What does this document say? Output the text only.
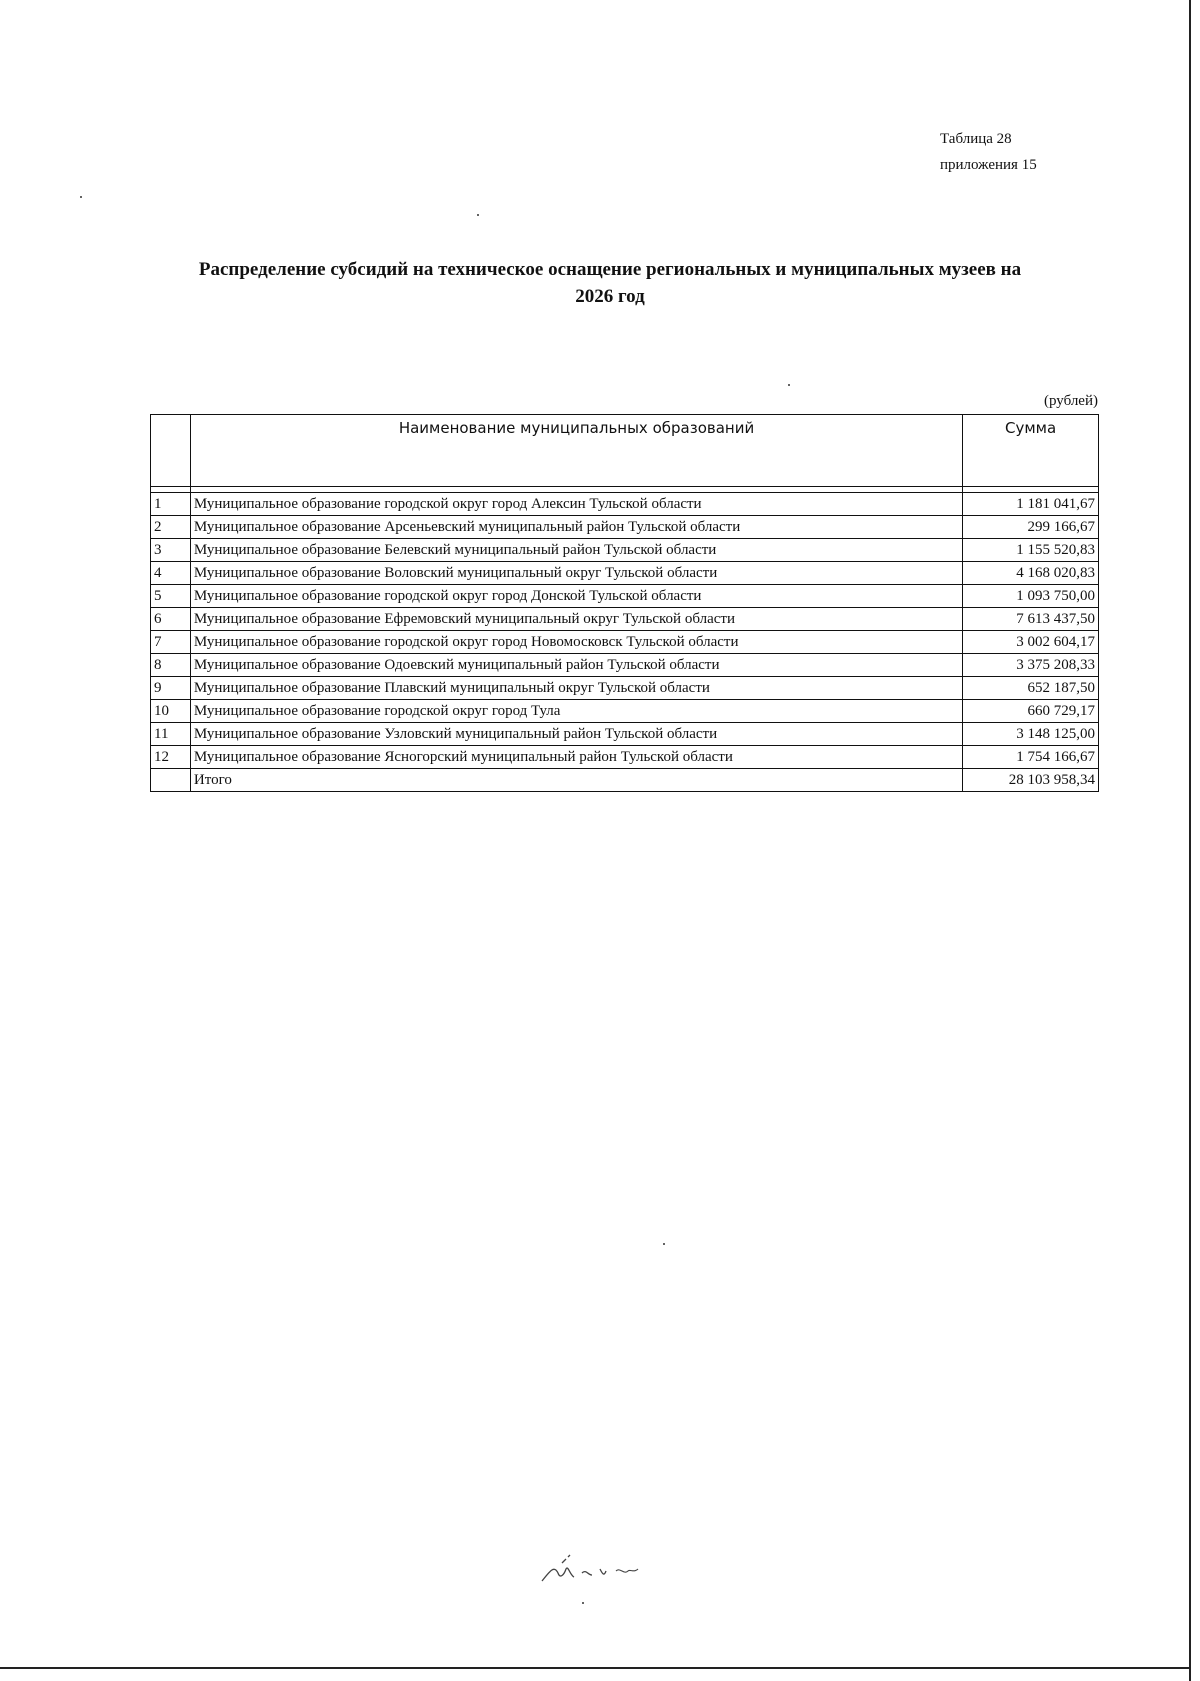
Таблица 28
приложения 15
Распределение субсидий на техническое оснащение региональных и муниципальных музеев на
2026 год
(рублей)
	Наименование муниципальных образований	Сумма

1	Муниципальное образование городской округ город Алексин Тульской области	1 181 041,67
2	Муниципальное образование Арсеньевский муниципальный район Тульской области	299 166,67
3	Муниципальное образование Белевский муниципальный район Тульской области	1 155 520,83
4	Муниципальное образование Воловский муниципальный округ Тульской области	4 168 020,83
5	Муниципальное образование городской округ город Донской Тульской области	1 093 750,00
6	Муниципальное образование Ефремовский муниципальный округ Тульской области	7 613 437,50
7	Муниципальное образование городской округ город Новомосковск Тульской области	3 002 604,17
8	Муниципальное образование Одоевский муниципальный район Тульской области	3 375 208,33
9	Муниципальное образование Плавский муниципальный округ Тульской области	652 187,50
10	Муниципальное образование городской округ город Тула	660 729,17
11	Муниципальное образование Узловский муниципальный район Тульской области	3 148 125,00
12	Муниципальное образование Ясногорский муниципальный район Тульской области	1 754 166,67
	Итого	28 103 958,34
